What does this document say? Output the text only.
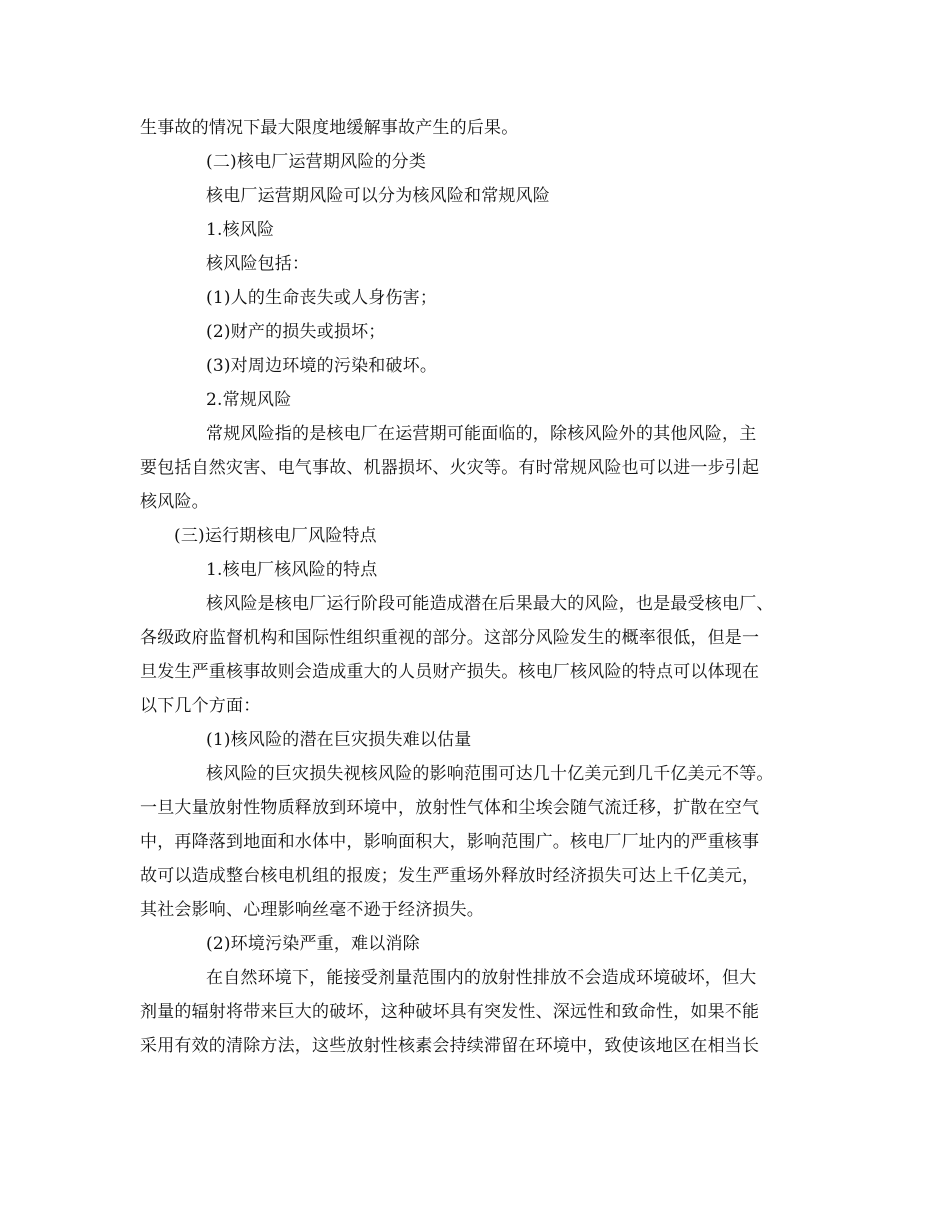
生事故的情况下最大限度地缓解事故产生的后果。
(二)核电厂运营期风险的分类
核电厂运营期风险可以分为核风险和常规风险
1.核风险
核风险包括：
(1)人的生命丧失或人身伤害；
(2)财产的损失或损坏；
(3)对周边环境的污染和破坏。
2.常规风险
常规风险指的是核电厂在运营期可能面临的，除核风险外的其他风险，主
要包括自然灾害、电气事故、机器损坏、火灾等。有时常规风险也可以进一步引起
核风险。
(三)运行期核电厂风险特点
1.核电厂核风险的特点
核风险是核电厂运行阶段可能造成潜在后果最大的风险，也是最受核电厂、
各级政府监督机构和国际性组织重视的部分。这部分风险发生的概率很低，但是一
旦发生严重核事故则会造成重大的人员财产损失。核电厂核风险的特点可以体现在
以下几个方面：
(1)核风险的潜在巨灾损失难以估量
核风险的巨灾损失视核风险的影响范围可达几十亿美元到几千亿美元不等。
一旦大量放射性物质释放到环境中，放射性气体和尘埃会随气流迁移，扩散在空气
中，再降落到地面和水体中，影响面积大，影响范围广。核电厂厂址内的严重核事
故可以造成整台核电机组的报废；发生严重场外释放时经济损失可达上千亿美元，
其社会影响、心理影响丝毫不逊于经济损失。
(2)环境污染严重，难以消除
在自然环境下，能接受剂量范围内的放射性排放不会造成环境破坏，但大
剂量的辐射将带来巨大的破坏，这种破坏具有突发性、深远性和致命性，如果不能
采用有效的清除方法，这些放射性核素会持续滞留在环境中，致使该地区在相当长
